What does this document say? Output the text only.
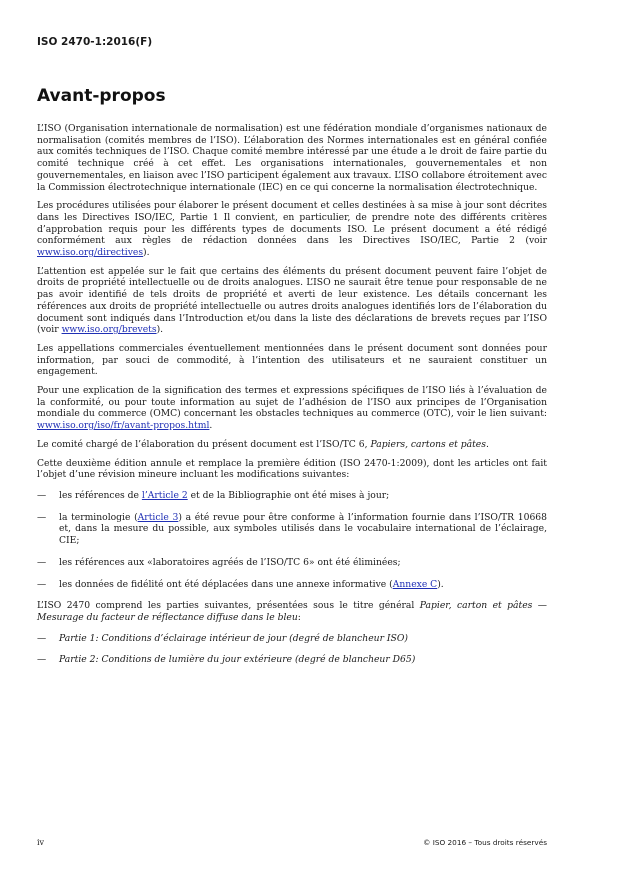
ISO 2470-1:2016(F)
Avant-propos

L’ISO (Organisation internationale de normalisation) est une fédération mondiale d’organismes nationaux de normalisation (comités membres de l’ISO). L’élaboration des Normes internationales est en général confiée aux comités techniques de l’ISO. Chaque comité membre intéressé par une étude a le droit de faire partie du comité technique créé à cet effet. Les organisations internationales, gouvernementales et non gouvernementales, en liaison avec l’ISO participent également aux travaux. L’ISO collabore étroitement avec la Commission électrotechnique internationale (IEC) en ce qui concerne la normalisation électrotechnique.

Les procédures utilisées pour élaborer le présent document et celles destinées à sa mise à jour sont décrites dans les Directives ISO/IEC, Partie 1 Il convient, en particulier, de prendre note des différents critères d’approbation requis pour les différents types de documents ISO. Le présent document a été rédigé conformément aux règles de rédaction données dans les Directives ISO/IEC, Partie 2 (voir www.iso.org/directives).

L’attention est appelée sur le fait que certains des éléments du présent document peuvent faire l’objet de droits de propriété intellectuelle ou de droits analogues. L’ISO ne saurait être tenue pour responsable de ne pas avoir identifié de tels droits de propriété et averti de leur existence. Les détails concernant les références aux droits de propriété intellectuelle ou autres droits analogues identifiés lors de l’élaboration du document sont indiqués dans l’Introduction et/ou dans la liste des déclarations de brevets reçues par l’ISO (voir www.iso.org/brevets).

Les appellations commerciales éventuellement mentionnées dans le présent document sont données pour information, par souci de commodité, à l’intention des utilisateurs et ne sauraient constituer un engagement.

Pour une explication de la signification des termes et expressions spécifiques de l’ISO liés à l’évaluation de la conformité, ou pour toute information au sujet de l’adhésion de l’ISO aux principes de l’Organisation mondiale du commerce (OMC) concernant les obstacles techniques au commerce (OTC), voir le lien suivant: www.iso.org/iso/fr/avant-propos.html.

Le comité chargé de l’élaboration du présent document est l’ISO/TC 6, Papiers, cartons et pâtes.

Cette deuxième édition annule et remplace la première édition (ISO 2470-1:2009), dont les articles ont fait l’objet d’une révision mineure incluant les modifications suivantes:

—	les références de l’Article 2 et de la Bibliographie ont été mises à jour;
—	la terminologie (Article 3) a été revue pour être conforme à l’information fournie dans l’ISO/TR 10668 et, dans la mesure du possible, aux symboles utilisés dans le vocabulaire international de l’éclairage, CIE;
—	les références aux «laboratoires agréés de l’ISO/TC 6» ont été éliminées;
—	les données de fidélité ont été déplacées dans une annexe informative (Annexe C).

L’ISO 2470 comprend les parties suivantes, présentées sous le titre général Papier, carton et pâtes — Mesurage du facteur de réflectance diffuse dans le bleu:

—	Partie 1: Conditions d’éclairage intérieur de jour (degré de blancheur ISO)
—	Partie 2: Conditions de lumière du jour extérieure (degré de blancheur D65)
iv	© ISO 2016 – Tous droits réservés
